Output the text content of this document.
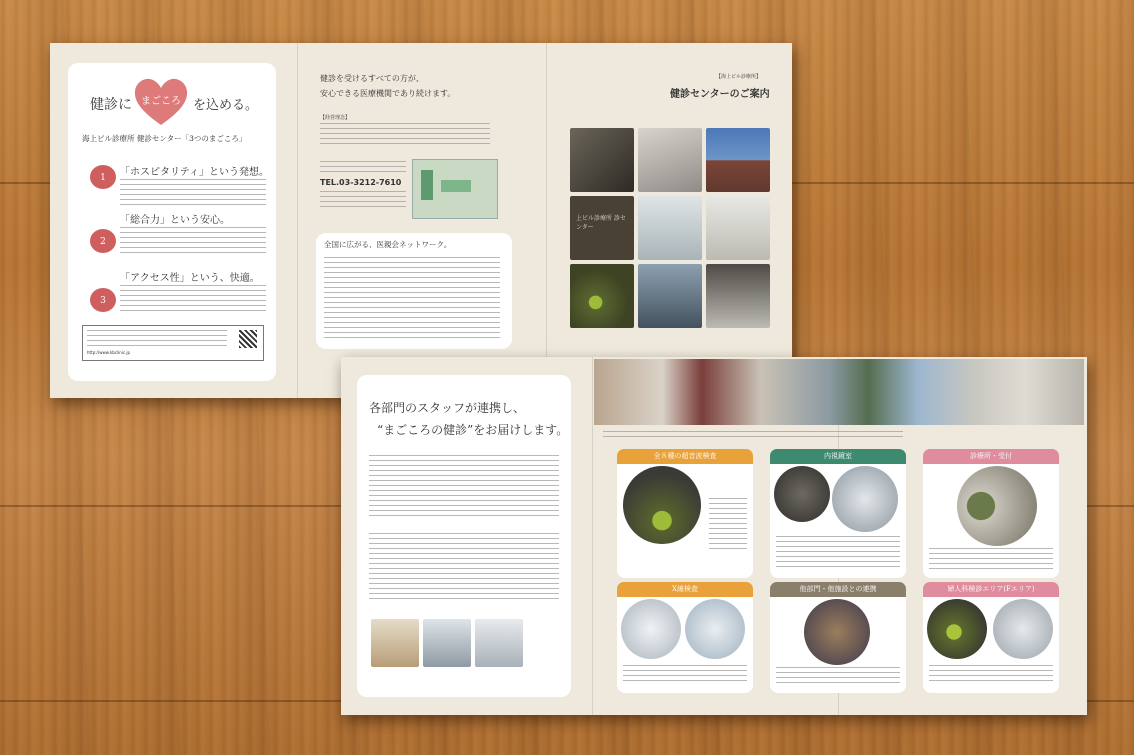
健診に まごころ を込める。
海上ビル診療所 健診センター「3つのまごころ」
1	「ホスピタリティ」という発想。
2
「総合力」という安心。
3
「アクセス性」という、快適。
http://www.kbclinic.jp
健診を受けるすべての方が、
安心できる医療機関であり続けます。
【経営理念】
TEL.03-3212-7610
全国に広がる、医親会ネットワーク。
【海上ビル診療所】
健診センターのご案内
上ビル診療所 診センター
各部門のスタッフが連携し、
“まごころの健診”をお届けします。
全８種の超音波検査	内視鏡室	診療所・受付
X線検査	他部門・他施設との連携	婦人科検診エリア(Fエリア)
